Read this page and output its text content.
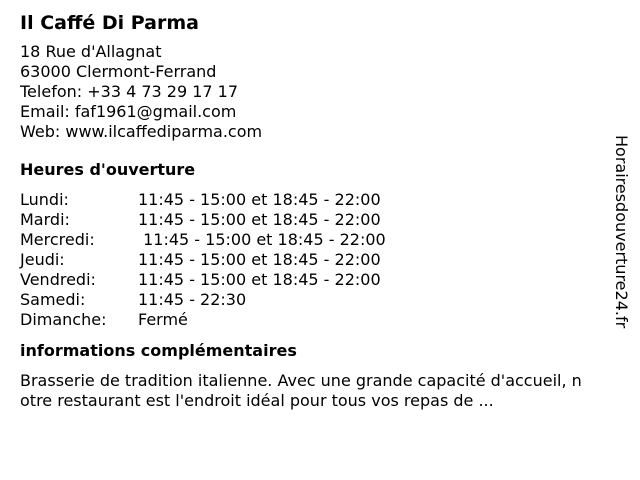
Il Caffé Di Parma
18 Rue d'Allagnat
63000 Clermont-Ferrand
Telefon: +33 4 73 29 17 17
Email: faf1961@gmail.com
Web: www.ilcaffediparma.com
Heures d'ouverture
Lundi:	11:45 - 15:00 et 18:45 - 22:00
Mardi:	11:45 - 15:00 et 18:45 - 22:00
Mercredi:	11:45 - 15:00 et 18:45 - 22:00
Jeudi:	11:45 - 15:00 et 18:45 - 22:00
Vendredi:	11:45 - 15:00 et 18:45 - 22:00
Samedi:	11:45 - 22:30
Dimanche:	Fermé
informations complémentaires
Brasserie de tradition italienne. Avec une grande capacité d'accueil, notre restaurant est l'endroit idéal pour tous vos repas de ...
Horairesdouverture24.fr
